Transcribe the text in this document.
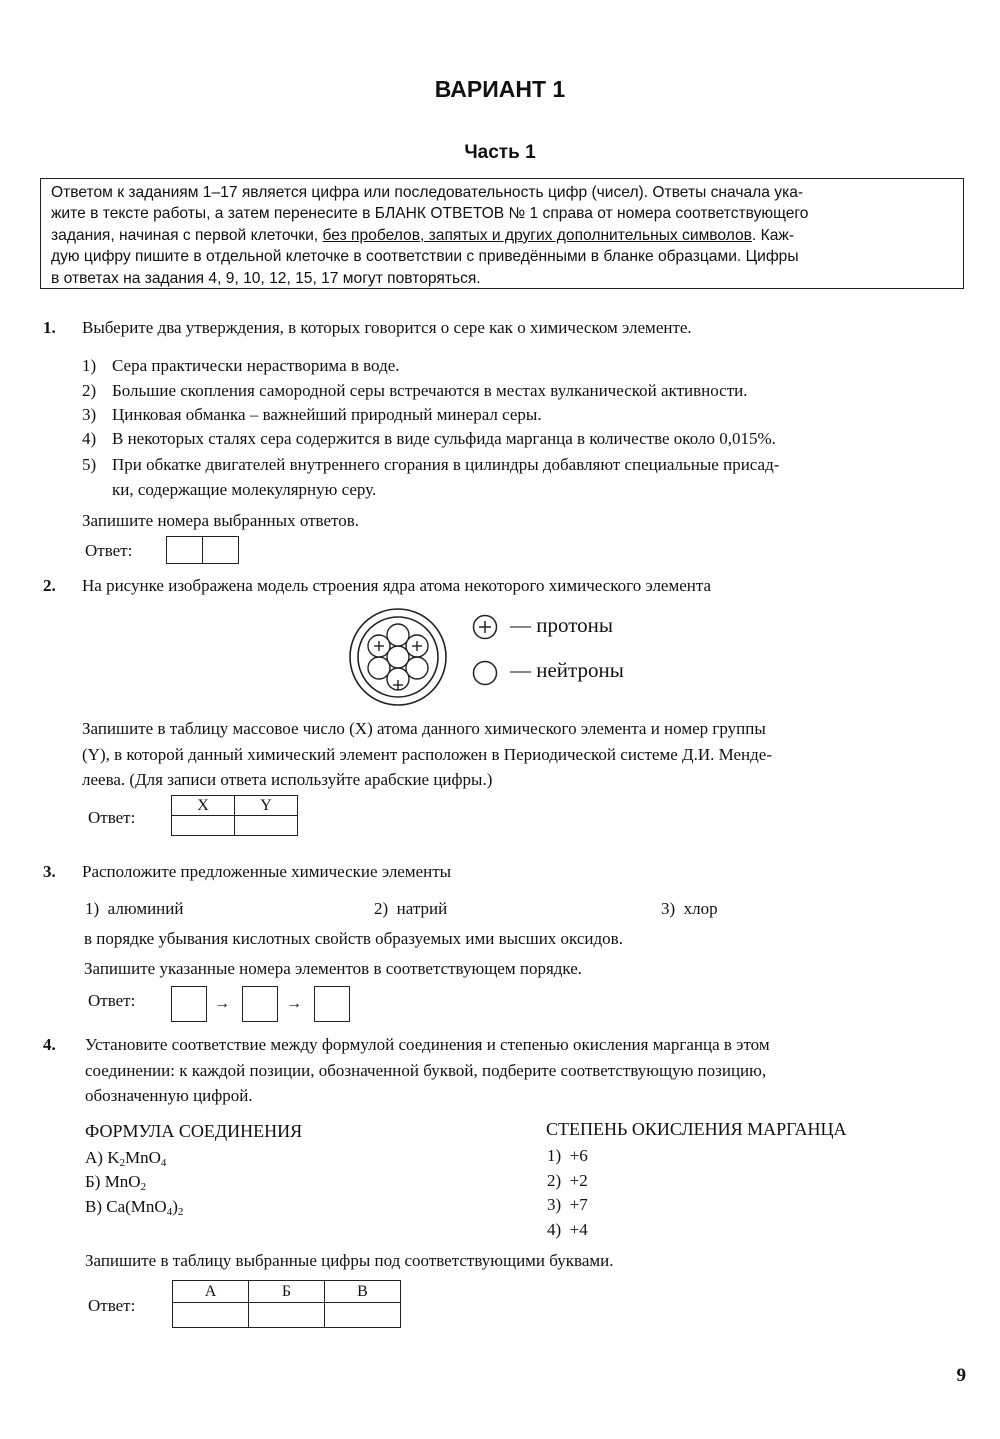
ВАРИАНТ 1
Часть 1
Ответом к заданиям 1–17 является цифра или последовательность цифр (чисел). Ответы сначала ука-
жите в тексте работы, а затем перенесите в БЛАНК ОТВЕТОВ № 1 справа от номера соответствующего
задания, начиная с первой клеточки, без пробелов, запятых и других дополнительных символов. Каж-
дую цифру пишите в отдельной клеточке в соответствии с приведёнными в бланке образцами. Цифры
в ответах на задания 4, 9, 10, 12, 15, 17 могут повторяться.
1. Выберите два утверждения, в которых говорится о сере как о химическом элементе.
1) Сера практически нерастворима в воде.
2) Большие скопления самородной серы встречаются в местах вулканической активности.
3) Цинковая обманка – важнейший природный минерал серы.
4) В некоторых сталях сера содержится в виде сульфида марганца в количестве около 0,015%.
5) При обкатке двигателей внутреннего сгорания в цилиндры добавляют специальные присад-
ки, содержащие молекулярную серу.
Запишите номера выбранных ответов.
Ответ:
2. На рисунке изображена модель строения ядра атома некоторого химического элемента
— протоны
— нейтроны
Запишите в таблицу массовое число (X) атома данного химического элемента и номер группы
(Y), в которой данный химический элемент расположен в Периодической системе Д.И. Менде-
леева. (Для записи ответа используйте арабские цифры.)
Ответ:
X	Y

3. Расположите предложенные химические элементы
1) алюминий	2) натрий	3) хлор
в порядке убывания кислотных свойств образуемых ими высших оксидов.
Запишите указанные номера элементов в соответствующем порядке.
Ответ:	→	→
4. Установите соответствие между формулой соединения и степенью окисления марганца в этом
соединении: к каждой позиции, обозначенной буквой, подберите соответствующую позицию,
обозначенную цифрой.
ФОРМУЛА СОЕДИНЕНИЯ	СТЕПЕНЬ ОКИСЛЕНИЯ МАРГАНЦА
А) $K_2MnO_4$
Б) MnO$_2$
В) $Ca(MnO_4)_2$
1) +6
2) +2
3) +7
4) +4
Запишите в таблицу выбранные цифры под соответствующими буквами.
Ответ:
А	Б	В

9
